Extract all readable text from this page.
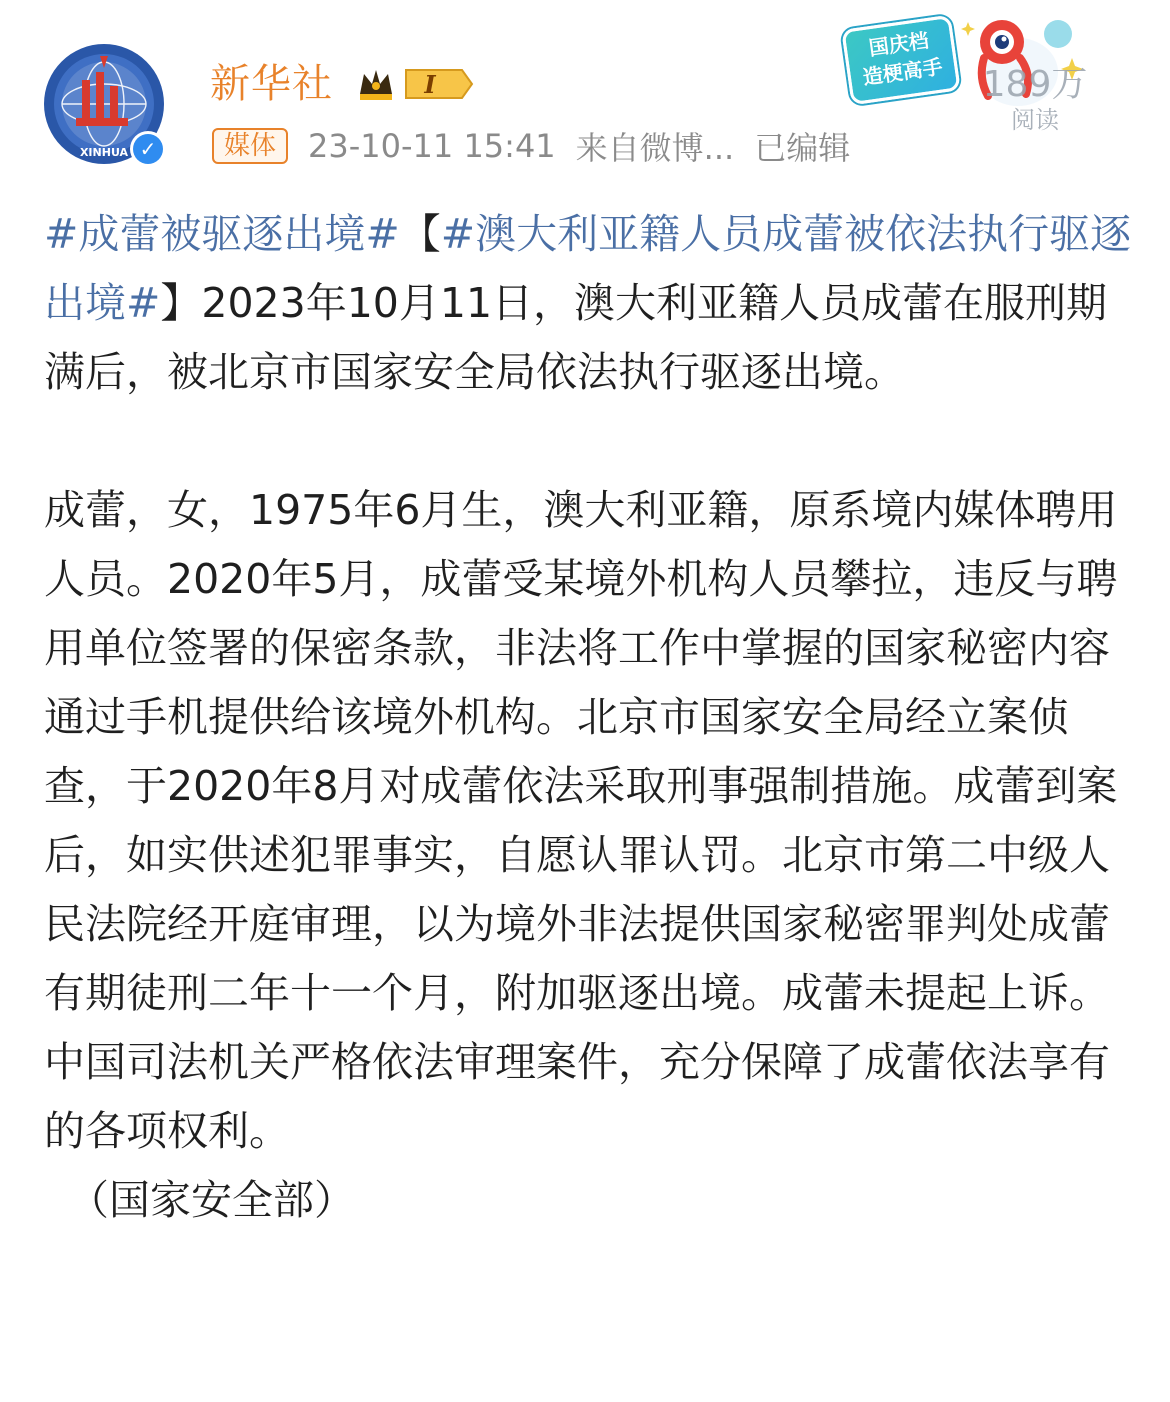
XINHUA ✓
新华社	I
媒体	23-10-11 15:41 来自微博... 已编辑
国庆档
造梗高手	189万
阅读

#成蕾被驱逐出境#【#澳大利亚籍人员成蕾被依法执行驱逐出境#】2023年10月11日，澳大利亚籍人员成蕾在服刑期满后，被北京市国家安全局依法执行驱逐出境。

成蕾，女，1975年6月生，澳大利亚籍，原系境内媒体聘用人员。2020年5月，成蕾受某境外机构人员攀拉，违反与聘用单位签署的保密条款，非法将工作中掌握的国家秘密内容通过手机提供给该境外机构。北京市国家安全局经立案侦查，于2020年8月对成蕾依法采取刑事强制措施。成蕾到案后，如实供述犯罪事实，自愿认罪认罚。北京市第二中级人民法院经开庭审理，以为境外非法提供国家秘密罪判处成蕾有期徒刑二年十一个月，附加驱逐出境。成蕾未提起上诉。中国司法机关严格依法审理案件，充分保障了成蕾依法享有的各项权利。

（国家安全部）
